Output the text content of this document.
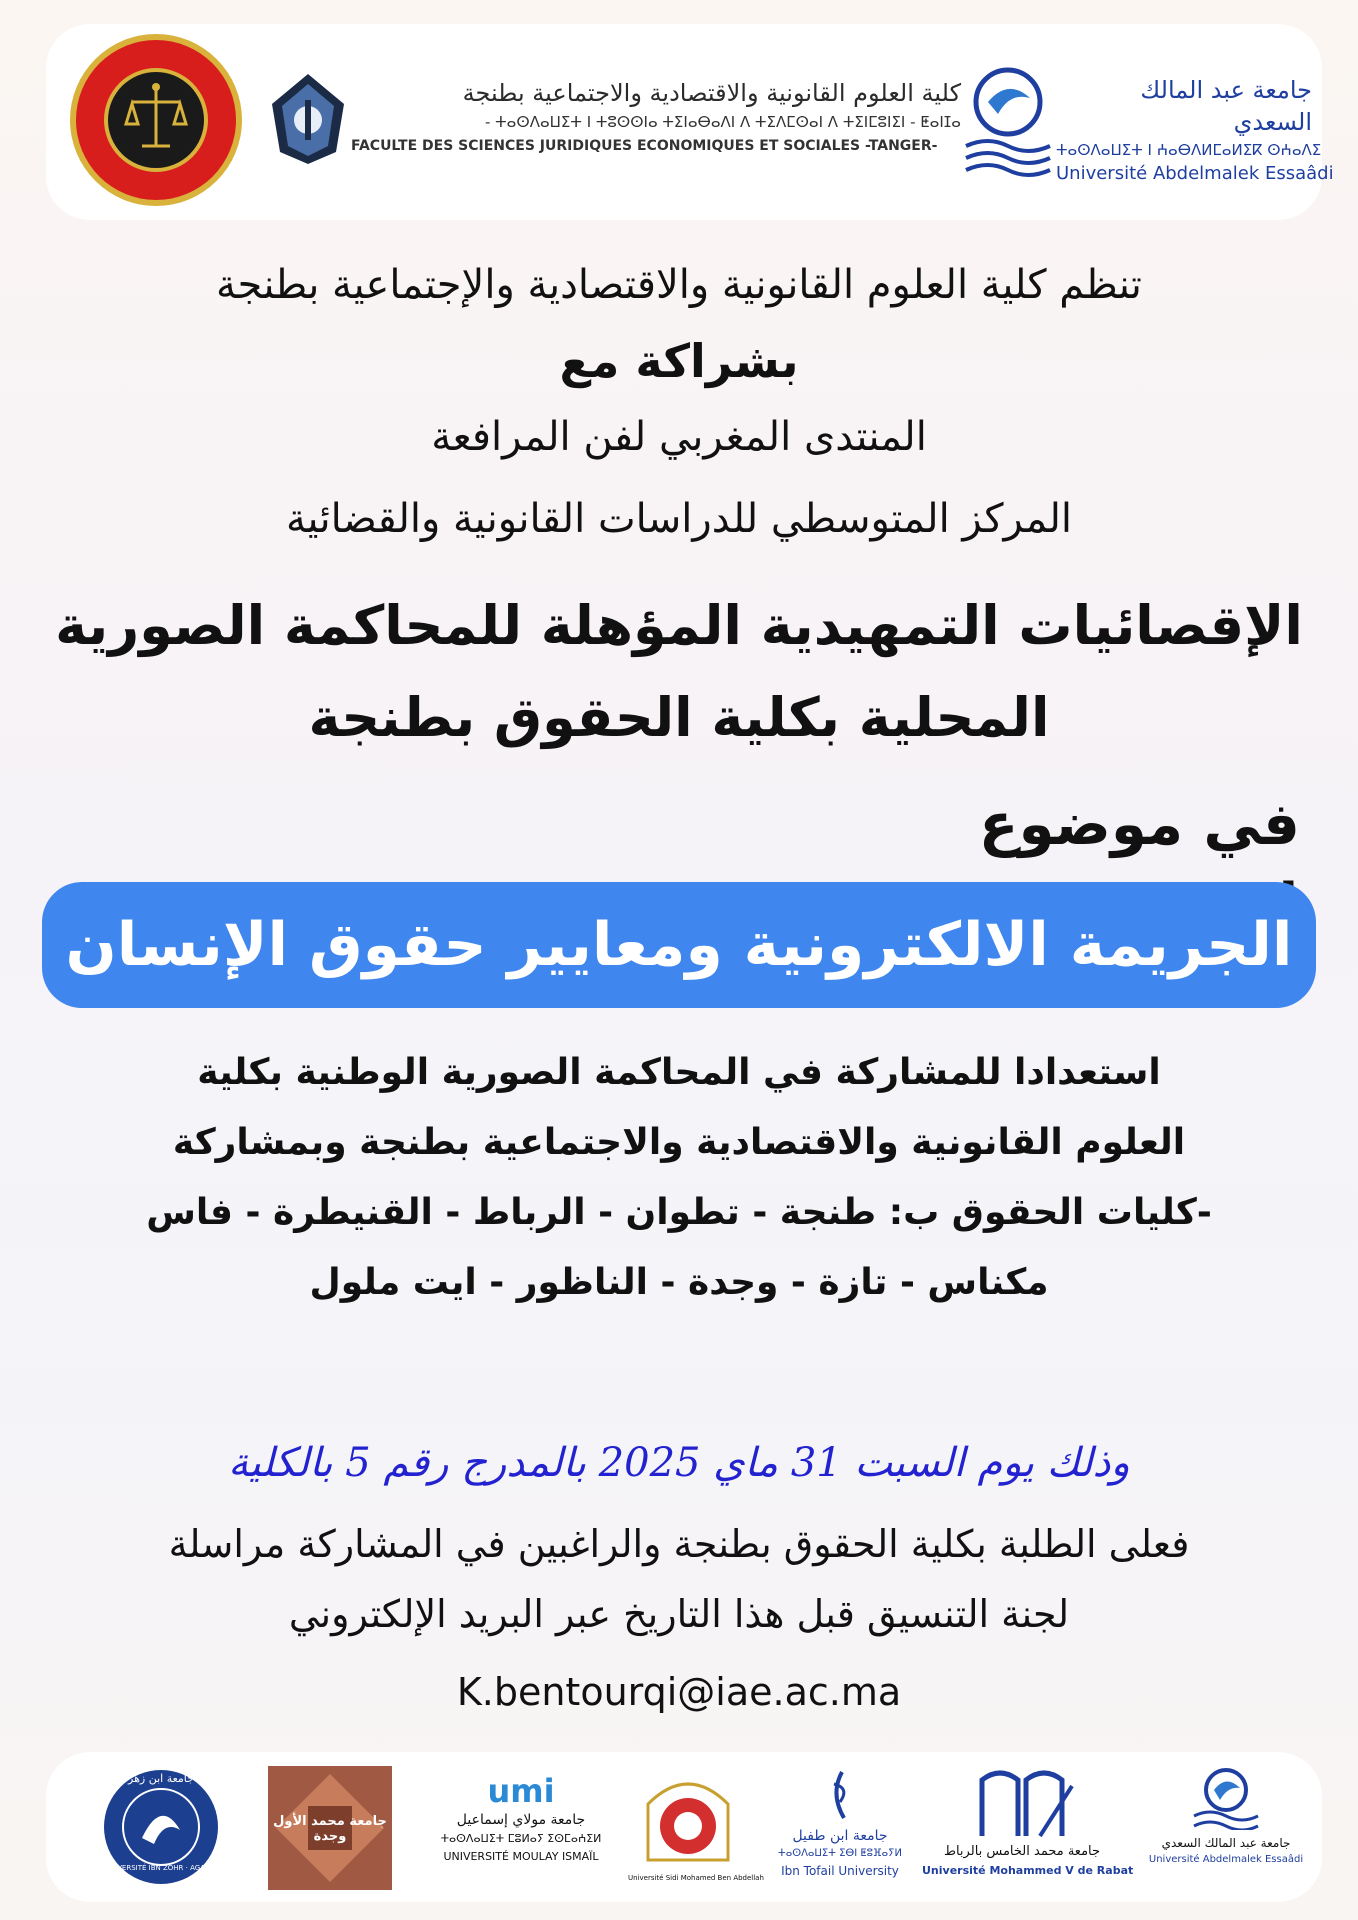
كلية العلوم القانونية والاقتصادية والاجتماعية بطنجة
ⵜⴰⵙⴷⴰⵡⵉⵜ ⵏ ⵜⵓⵙⵙⵏⴰ ⵜⵉⵏⴰⴱⴰⴷⵏ ⴷ ⵜⵉⴷⵎⵙⴰⵏ ⴷ ⵜⵉⵏⵎⵓⵏⵉⵏ - ⵟⴰⵏⵊⴰ -
FACULTE DES SCIENCES JURIDIQUES ECONOMIQUES ET SOCIALES -TANGER-
جامعة عبد المالك السعدي
ⵜⴰⵙⴷⴰⵡⵉⵜ ⵏ ⵄⴰⴱⴷⵍⵎⴰⵍⵉⴽ ⵙⵄⴰⴷⵉ
Université Abdelmalek Essaâdi
تنظم كلية العلوم القانونية والاقتصادية والإجتماعية بطنجة
بشراكة مع
المنتدى المغربي لفن المرافعة
المركز المتوسطي للدراسات القانونية والقضائية
الإقصائيات التمهيدية المؤهلة للمحاكمة الصورية
المحلية بكلية الحقوق بطنجة
في موضوع
الجريمة الالكترونية ومعايير حقوق الإنسان
استعدادا للمشاركة في المحاكمة الصورية الوطنية بكلية
العلوم القانونية والاقتصادية والاجتماعية بطنجة وبمشاركة
-كليات الحقوق ب: طنجة - تطوان - الرباط - القنيطرة - فاس
مكناس - تازة - وجدة - الناظور - ايت ملول
وذلك يوم السبت 31 ماي 2025 بالمدرج رقم 5 بالكلية
فعلى الطلبة بكلية الحقوق بطنجة والراغبين في المشاركة مراسلة
لجنة التنسيق قبل هذا التاريخ عبر البريد الإلكتروني
K.bentourqi@iae.ac.ma
جامعة ابن زهر
UNIVERSITÉ IBN ZOHR · AGADIR
جامعة محمد الأول وجدة
umi
جامعة مولاي إسماعيل
ⵜⴰⵙⴷⴰⵡⵉⵜ ⵎⵓⵍⴰⵢ ⵉⵙⵎⴰⵄⵉⵍ
UNIVERSITÉ MOULAY ISMAÏL
Université Sidi Mohamed Ben Abdellah
جامعة ابن طفيل
ⵜⴰⵙⴷⴰⵡⵉⵜ ⵉⴱⵏ ⵟⵓⴼⴰⵢⵍ
Ibn Tofail University
جامعة محمد الخامس بالرباط
Université Mohammed V de Rabat
جامعة عبد المالك السعدي
Université Abdelmalek Essaâdi
